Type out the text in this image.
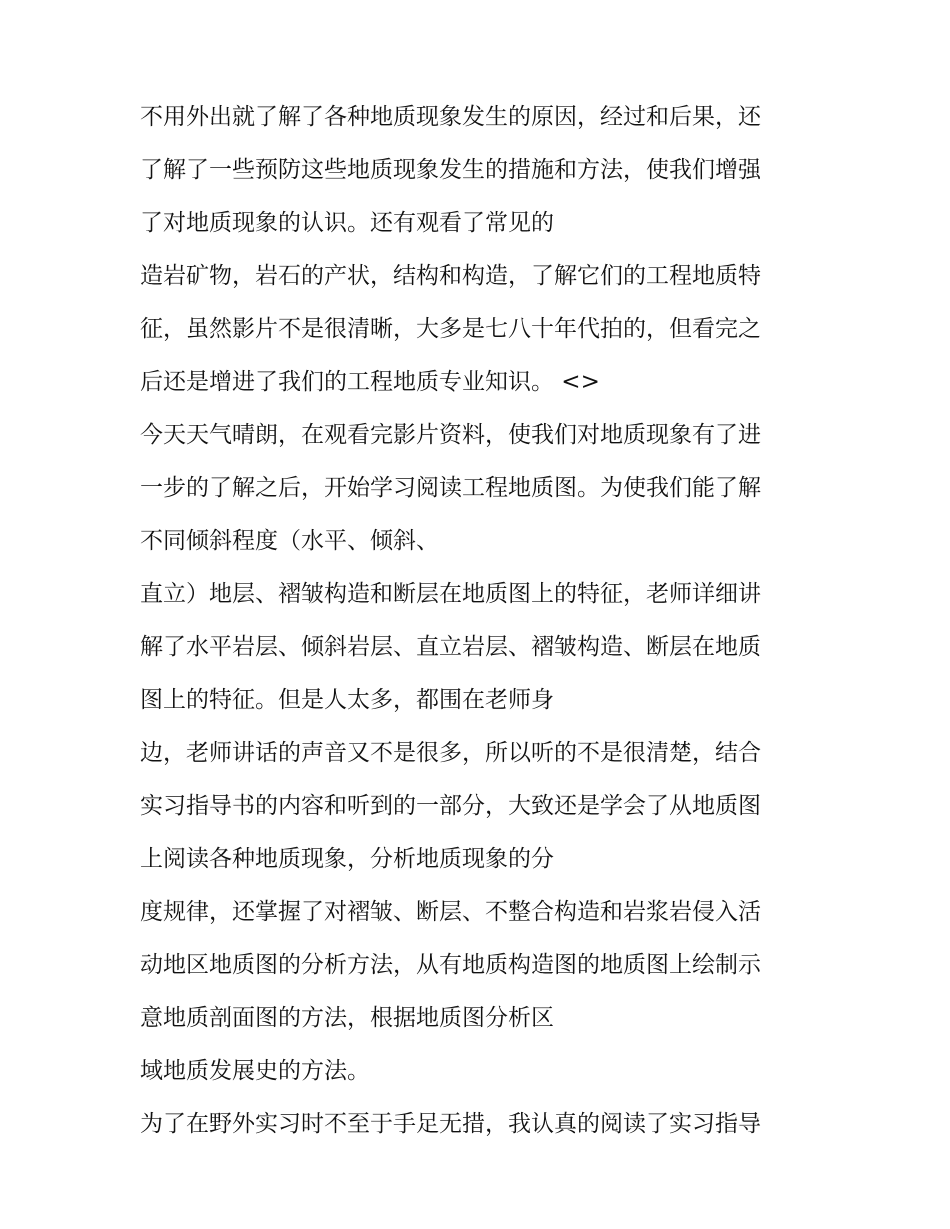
不用外出就了解了各种地质现象发生的原因，经过和后果，还
了解了一些预防这些地质现象发生的措施和方法，使我们增强
了对地质现象的认识。还有观看了常见的
造岩矿物，岩石的产状，结构和构造，了解它们的工程地质特
征，虽然影片不是很清晰，大多是七八十年代拍的，但看完之
后还是增进了我们的工程地质专业知识。 <>
今天天气晴朗，在观看完影片资料，使我们对地质现象有了进
一步的了解之后，开始学习阅读工程地质图。为使我们能了解
不同倾斜程度（水平、倾斜、
直立）地层、褶皱构造和断层在地质图上的特征，老师详细讲
解了水平岩层、倾斜岩层、直立岩层、褶皱构造、断层在地质
图上的特征。但是人太多，都围在老师身
边，老师讲话的声音又不是很多，所以听的不是很清楚，结合
实习指导书的内容和听到的一部分，大致还是学会了从地质图
上阅读各种地质现象，分析地质现象的分
度规律，还掌握了对褶皱、断层、不整合构造和岩浆岩侵入活
动地区地质图的分析方法，从有地质构造图的地质图上绘制示
意地质剖面图的方法，根据地质图分析区
域地质发展史的方法。
为了在野外实习时不至于手足无措，我认真的阅读了实习指导
